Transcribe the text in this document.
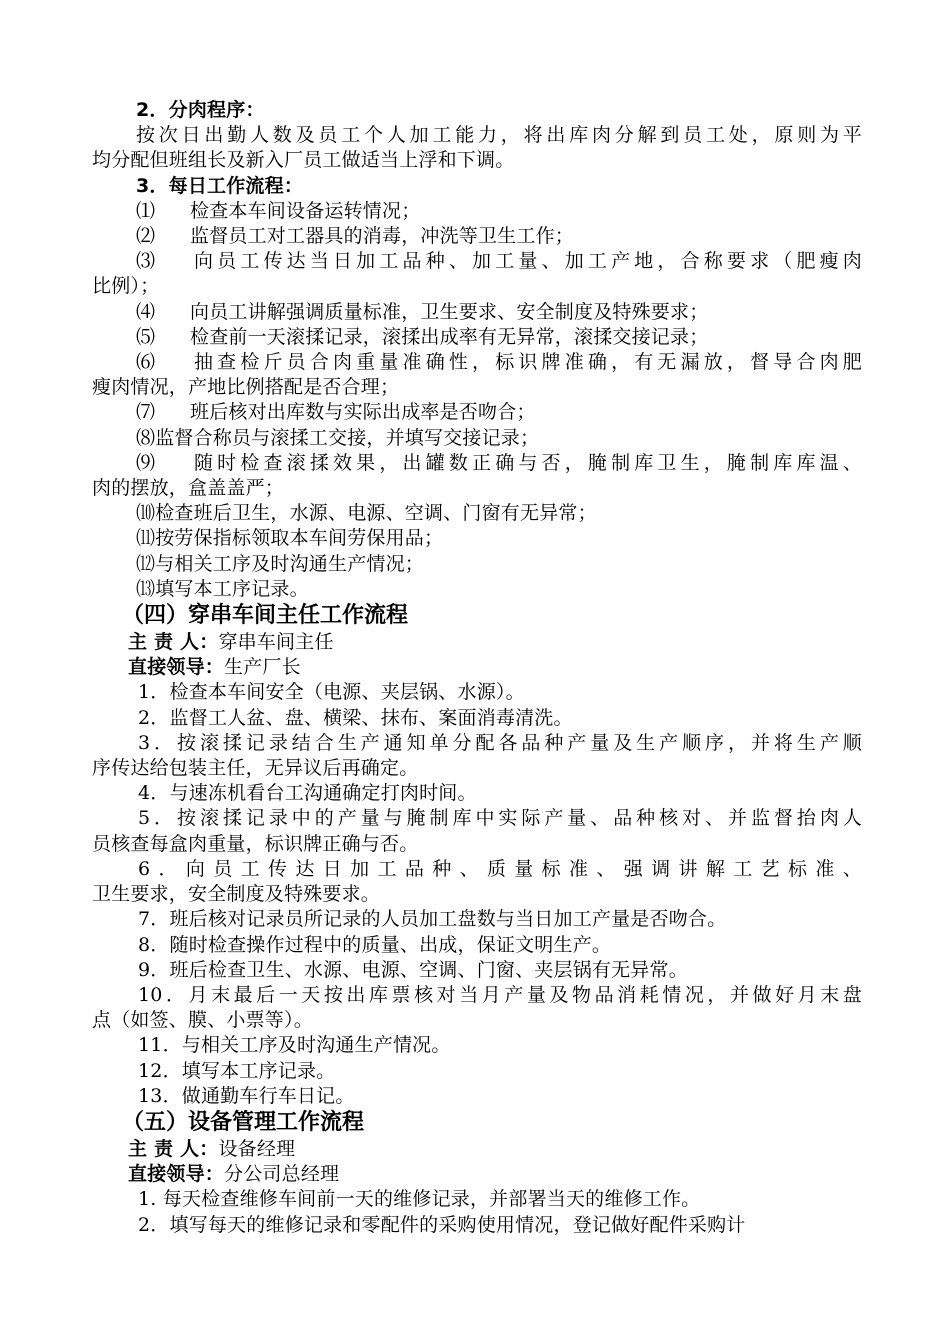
2．分肉程序：
按次日出勤人数及员工个人加工能力，将出库肉分解到员工处，原则为平
均分配但班组长及新入厂员工做适当上浮和下调。
3．每日工作流程：
⑴ 检查本车间设备运转情况；
⑵ 监督员工对工器具的消毒，冲洗等卫生工作；
⑶ 向员工传达当日加工品种、加工量、加工产地，合称要求（肥瘦肉
比例）；
⑷ 向员工讲解强调质量标准，卫生要求、安全制度及特殊要求；
⑸ 检查前一天滚揉记录，滚揉出成率有无异常，滚揉交接记录；
⑹ 抽查检斤员合肉重量准确性，标识牌准确，有无漏放，督导合肉肥
瘦肉情况，产地比例搭配是否合理；
⑺ 班后核对出库数与实际出成率是否吻合；
⑻监督合称员与滚揉工交接，并填写交接记录；
⑼ 随时检查滚揉效果，出罐数正确与否，腌制库卫生，腌制库库温、
肉的摆放，盒盖盖严；
⑽检查班后卫生，水源、电源、空调、门窗有无异常；
⑾按劳保指标领取本车间劳保用品；
⑿与相关工序及时沟通生产情况；
⒀填写本工序记录。
（四）穿串车间主任工作流程
主 责 人：穿串车间主任
直接领导：生产厂长
1．检查本车间安全（电源、夹层锅、水源）。
2．监督工人盆、盘、横梁、抹布、案面消毒清洗。
3．按滚揉记录结合生产通知单分配各品种产量及生产顺序，并将生产顺
序传达给包装主任，无异议后再确定。
4．与速冻机看台工沟通确定打肉时间。
5．按滚揉记录中的产量与腌制库中实际产量、品种核对、并监督抬肉人
员核查每盒肉重量，标识牌正确与否。
6．向员工传达日加工品种、质量标准、强调讲解工艺标准、
卫生要求，安全制度及特殊要求。
7．班后核对记录员所记录的人员加工盘数与当日加工产量是否吻合。
8．随时检查操作过程中的质量、出成，保证文明生产。
9．班后检查卫生、水源、电源、空调、门窗、夹层锅有无异常。
10．月末最后一天按出库票核对当月产量及物品消耗情况，并做好月末盘
点（如签、膜、小票等）。
11．与相关工序及时沟通生产情况。
12．填写本工序记录。
13．做通勤车行车日记。
（五）设备管理工作流程
主 责 人：设备经理
直接领导：分公司总经理
1. 每天检查维修车间前一天的维修记录，并部署当天的维修工作。
2．填写每天的维修记录和零配件的采购使用情况，登记做好配件采购计
